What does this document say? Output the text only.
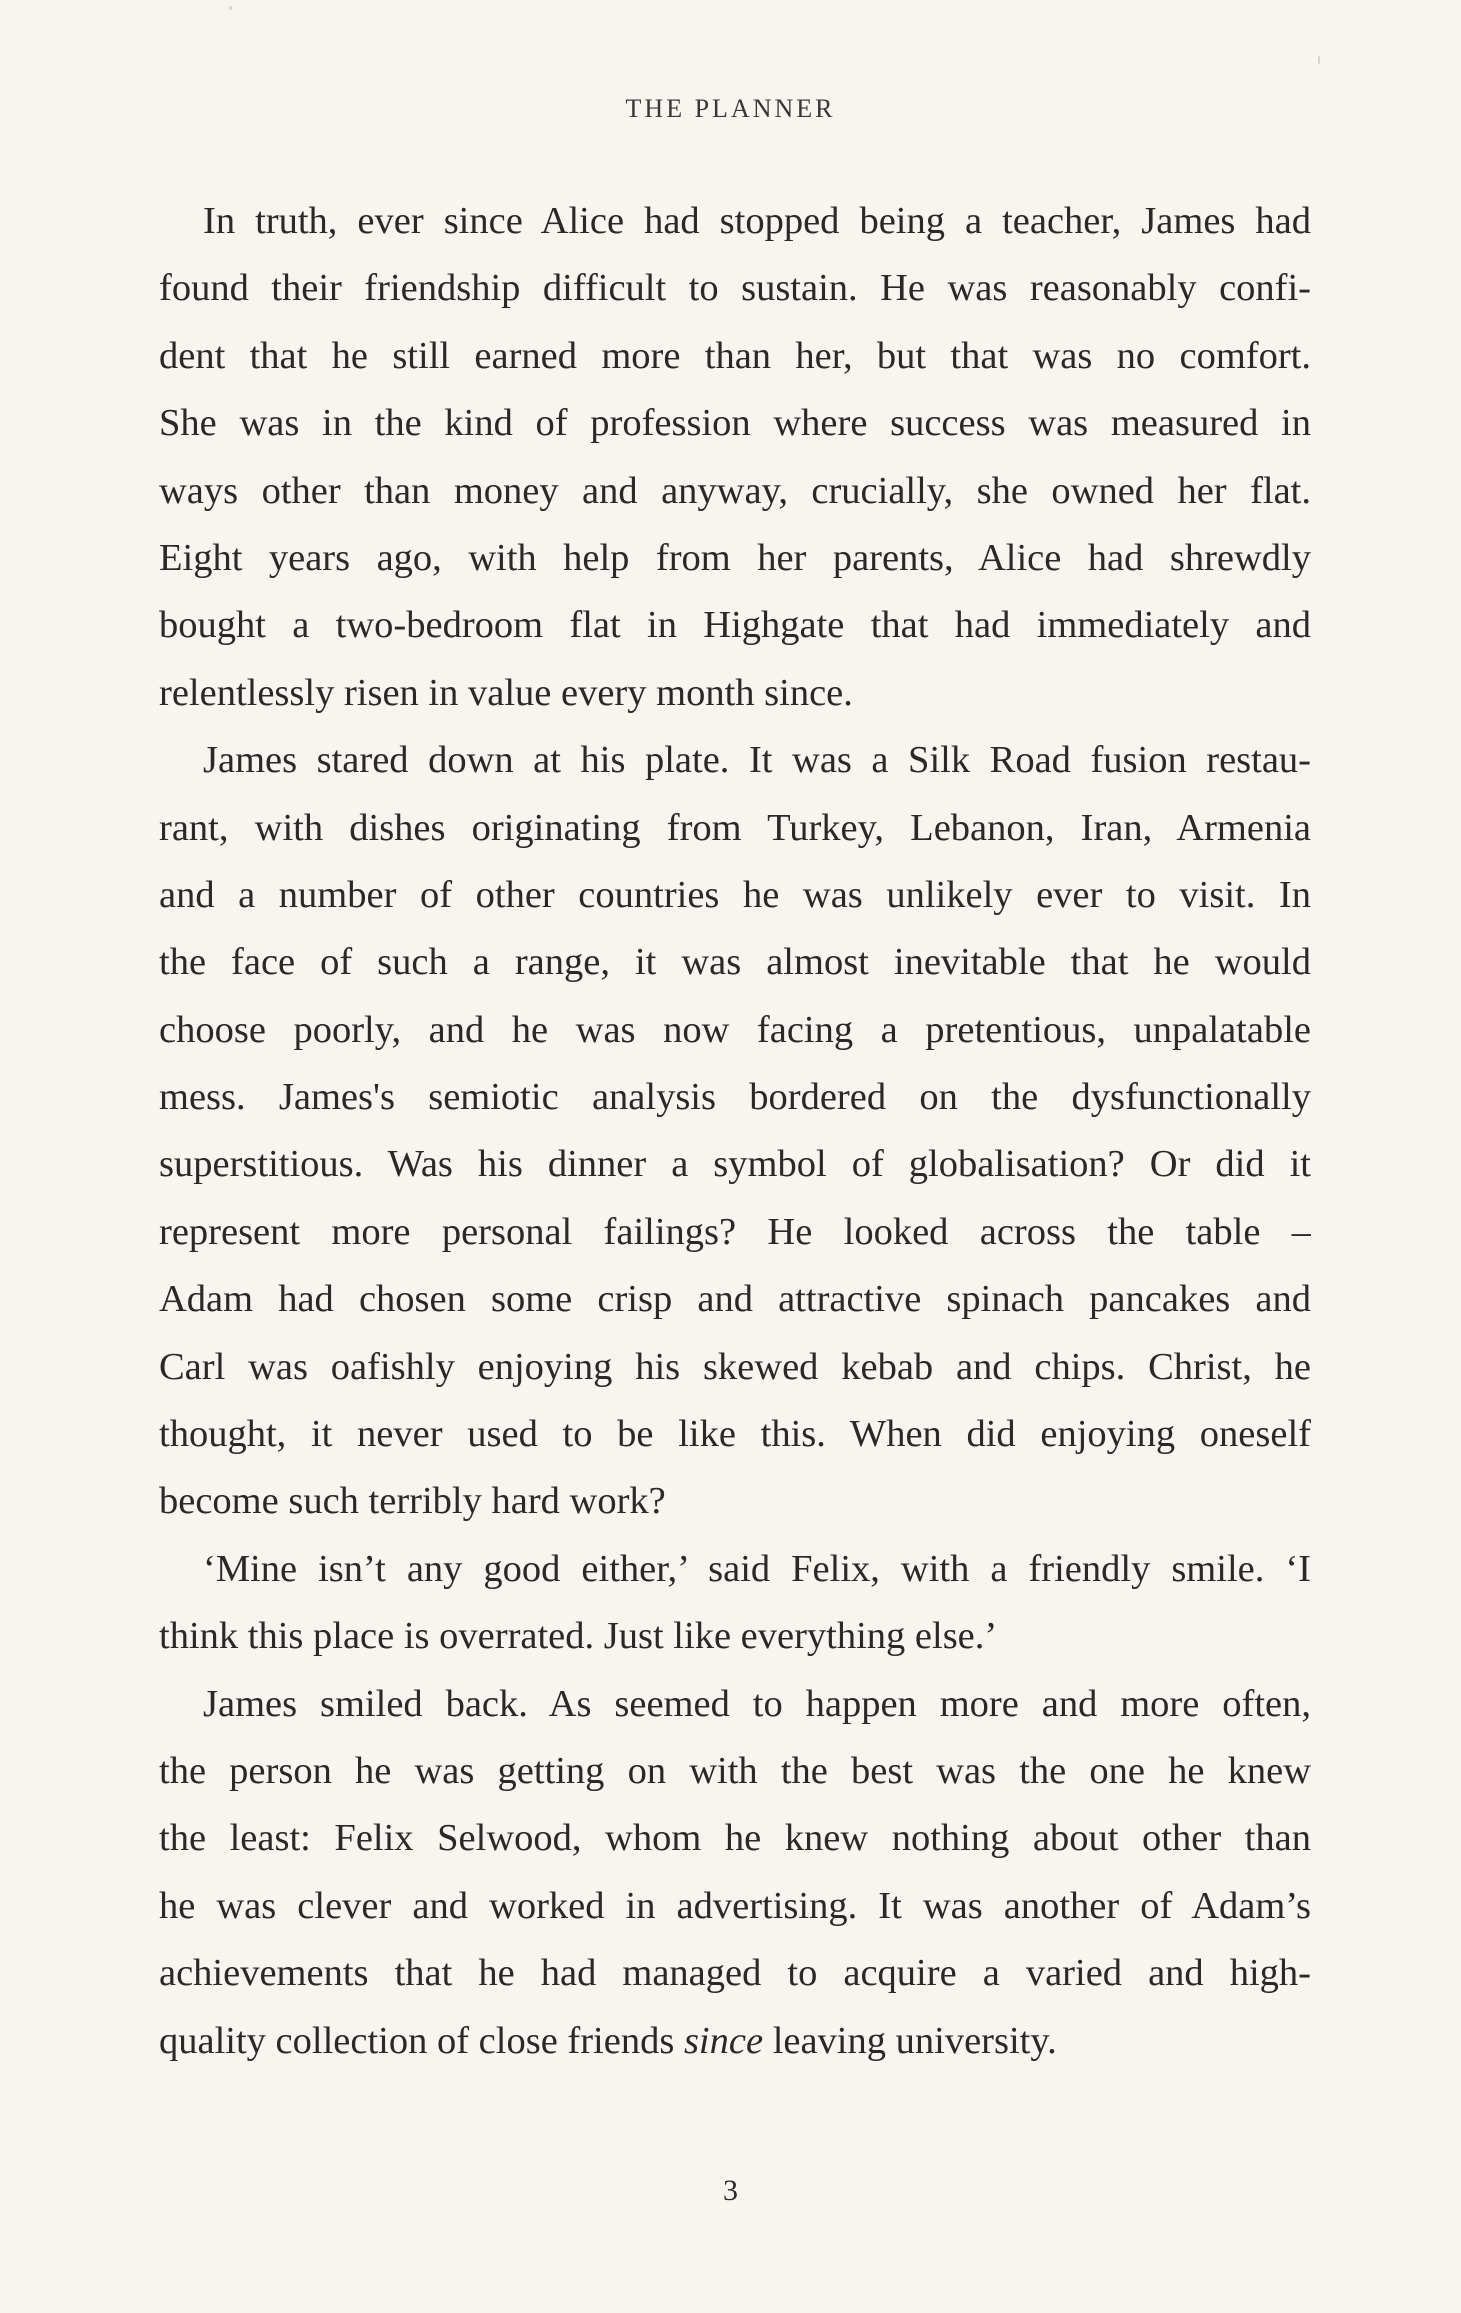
THE PLANNER
In truth, ever since Alice had stopped being a teacher, James had
found their friendship difficult to sustain. He was reasonably confi-
dent that he still earned more than her, but that was no comfort.
She was in the kind of profession where success was measured in
ways other than money and anyway, crucially, she owned her flat.
Eight years ago, with help from her parents, Alice had shrewdly
bought a two-bedroom flat in Highgate that had immediately and
relentlessly risen in value every month since.
James stared down at his plate. It was a Silk Road fusion restau-
rant, with dishes originating from Turkey, Lebanon, Iran, Armenia
and a number of other countries he was unlikely ever to visit. In
the face of such a range, it was almost inevitable that he would
choose poorly, and he was now facing a pretentious, unpalatable
mess. James's semiotic analysis bordered on the dysfunctionally
superstitious. Was his dinner a symbol of globalisation? Or did it
represent more personal failings? He looked across the table –
Adam had chosen some crisp and attractive spinach pancakes and
Carl was oafishly enjoying his skewed kebab and chips. Christ, he
thought, it never used to be like this. When did enjoying oneself
become such terribly hard work?
‘Mine isn’t any good either,’ said Felix, with a friendly smile. ‘I
think this place is overrated. Just like everything else.’
James smiled back. As seemed to happen more and more often,
the person he was getting on with the best was the one he knew
the least: Felix Selwood, whom he knew nothing about other than
he was clever and worked in advertising. It was another of Adam’s
achievements that he had managed to acquire a varied and high-
quality collection of close friends since leaving university.
3
